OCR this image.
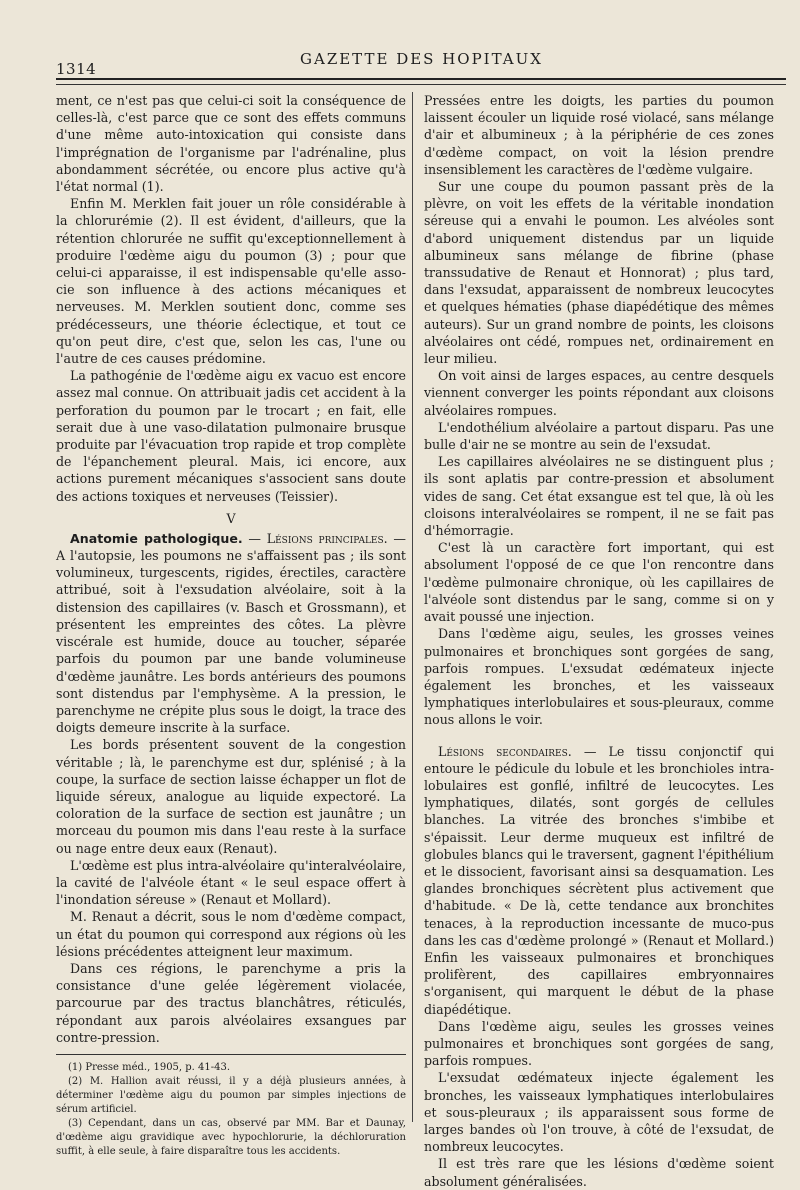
1314
GAZETTE DES HOPITAUX

ment, ce n'est pas que celui-ci soit la conséquence de celles-là, c'est parce que ce sont des effets communs d'une même auto-intoxication qui consiste dans l'imprégnation de l'organisme par l'adrénaline, plus abondamment sécrétée, ou encore plus active qu'à l'état normal (1).

Enfin M. Merklen fait jouer un rôle considérable à la chlorurémie (2). Il est évident, d'ailleurs, que la rétention chlorurée ne suffit qu'exceptionnellement à produire l'œdème aigu du poumon (3) ; pour que celui-ci apparaisse, il est indispensable qu'elle asso-cie son influence à des actions mécaniques et nerveuses. M. Merklen soutient donc, comme ses prédécesseurs, une théorie éclectique, et tout ce qu'on peut dire, c'est que, selon les cas, l'une ou l'autre de ces causes prédomine.

La pathogénie de l'œdème aigu ex vacuo est encore assez mal connue. On attribuait jadis cet accident à la perforation du poumon par le trocart ; en fait, elle serait due à une vaso-dilatation pulmonaire brusque produite par l'évacuation trop rapide et trop complète de l'épanchement pleural. Mais, ici encore, aux actions purement mécaniques s'associent sans doute des actions toxiques et nerveuses (Teissier).

V

Anatomie pathologique. — Lésions principales. — A l'autopsie, les poumons ne s'affaissent pas ; ils sont volumineux, turgescents, rigides, érectiles, caractère attribué, soit à l'exsudation alvéolaire, soit à la distension des capillaires (v. Basch et Grossmann), et présentent les empreintes des côtes. La plèvre viscérale est humide, douce au toucher, séparée parfois du poumon par une bande volumineuse d'œdème jaunâtre. Les bords antérieurs des poumons sont distendus par l'emphysème. A la pression, le parenchyme ne crépite plus sous le doigt, la trace des doigts demeure inscrite à la surface.

Les bords présentent souvent de la congestion véritable ; là, le parenchyme est dur, splénisé ; à la coupe, la surface de section laisse échapper un flot de liquide séreux, analogue au liquide expectoré. La coloration de la surface de section est jaunâtre ; un morceau du poumon mis dans l'eau reste à la surface ou nage entre deux eaux (Renaut).

L'œdème est plus intra-alvéolaire qu'interalvéolaire, la cavité de l'alvéole étant « le seul espace offert à l'inondation séreuse » (Renaut et Mollard).

M. Renaut a décrit, sous le nom d'œdème compact, un état du poumon qui correspond aux régions où les lésions précédentes atteignent leur maximum.

Dans ces régions, le parenchyme a pris la consistance d'une gelée légèrement violacée, parcourue par des tractus blanchâtres, réticulés, répondant aux parois alvéolaires exsangues par contre-pression.

(1) Presse méd., 1905, p. 41-43.

(2) M. Hallion avait réussi, il y a déjà plusieurs années, à déterminer l'œdème aigu du poumon par simples injections de sérum artificiel.

(3) Cependant, dans un cas, observé par MM. Bar et Daunay, d'œdème aigu gravidique avec hypochlorurie, la déchloruration suffit, à elle seule, à faire disparaître tous les accidents.

Pressées entre les doigts, les parties du poumon laissent écouler un liquide rosé violacé, sans mélange d'air et albumineux ; à la périphérie de ces zones d'œdème compact, on voit la lésion prendre insensiblement les caractères de l'œdème vulgaire.

Sur une coupe du poumon passant près de la plèvre, on voit les effets de la véritable inondation séreuse qui a envahi le poumon. Les alvéoles sont d'abord uniquement distendus par un liquide albumineux sans mélange de fibrine (phase transsudative de Renaut et Honnorat) ; plus tard, dans l'exsudat, apparaissent de nombreux leucocytes et quelques hématies (phase diapédétique des mêmes auteurs). Sur un grand nombre de points, les cloisons alvéolaires ont cédé, rompues net, ordinairement en leur milieu.

On voit ainsi de larges espaces, au centre desquels viennent converger les points répondant aux cloisons alvéolaires rompues.

L'endothélium alvéolaire a partout disparu. Pas une bulle d'air ne se montre au sein de l'exsudat.

Les capillaires alvéolaires ne se distinguent plus ; ils sont aplatis par contre-pression et absolument vides de sang. Cet état exsangue est tel que, là où les cloisons interalvéolaires se rompent, il ne se fait pas d'hémorragie.

C'est là un caractère fort important, qui est absolument l'opposé de ce que l'on rencontre dans l'œdème pulmonaire chronique, où les capillaires de l'alvéole sont distendus par le sang, comme si on y avait poussé une injection.

Dans l'œdème aigu, seules, les grosses veines pulmonaires et bronchiques sont gorgées de sang, parfois rompues. L'exsudat œdémateux injecte également les bronches, et les vaisseaux lymphatiques interlobulaires et sous-pleuraux, comme nous allons le voir.

Lésions secondaires. — Le tissu conjonctif qui entoure le pédicule du lobule et les bronchioles intra-lobulaires est gonflé, infiltré de leucocytes. Les lymphatiques, dilatés, sont gorgés de cellules blanches. La vitrée des bronches s'imbibe et s'épaissit. Leur derme muqueux est infiltré de globules blancs qui le traversent, gagnent l'épithélium et le dissocient, favorisant ainsi sa desquamation. Les glandes bronchiques sécrètent plus activement que d'habitude. « De là, cette tendance aux bronchites tenaces, à la reproduction incessante de muco-pus dans les cas d'œdème prolongé » (Renaut et Mollard.) Enfin les vaisseaux pulmonaires et bronchiques prolifèrent, des capillaires embryonnaires s'organisent, qui marquent le début de la phase diapédétique.

Dans l'œdème aigu, seules les grosses veines pulmonaires et bronchiques sont gorgées de sang, parfois rompues.

L'exsudat œdémateux injecte également les bronches, les vaisseaux lymphatiques interlobulaires et sous-pleuraux ; ils apparaissent sous forme de larges bandes où l'on trouve, à côté de l'exsudat, de nombreux leucocytes.

Il est très rare que les lésions d'œdème soient absolument généralisées.
